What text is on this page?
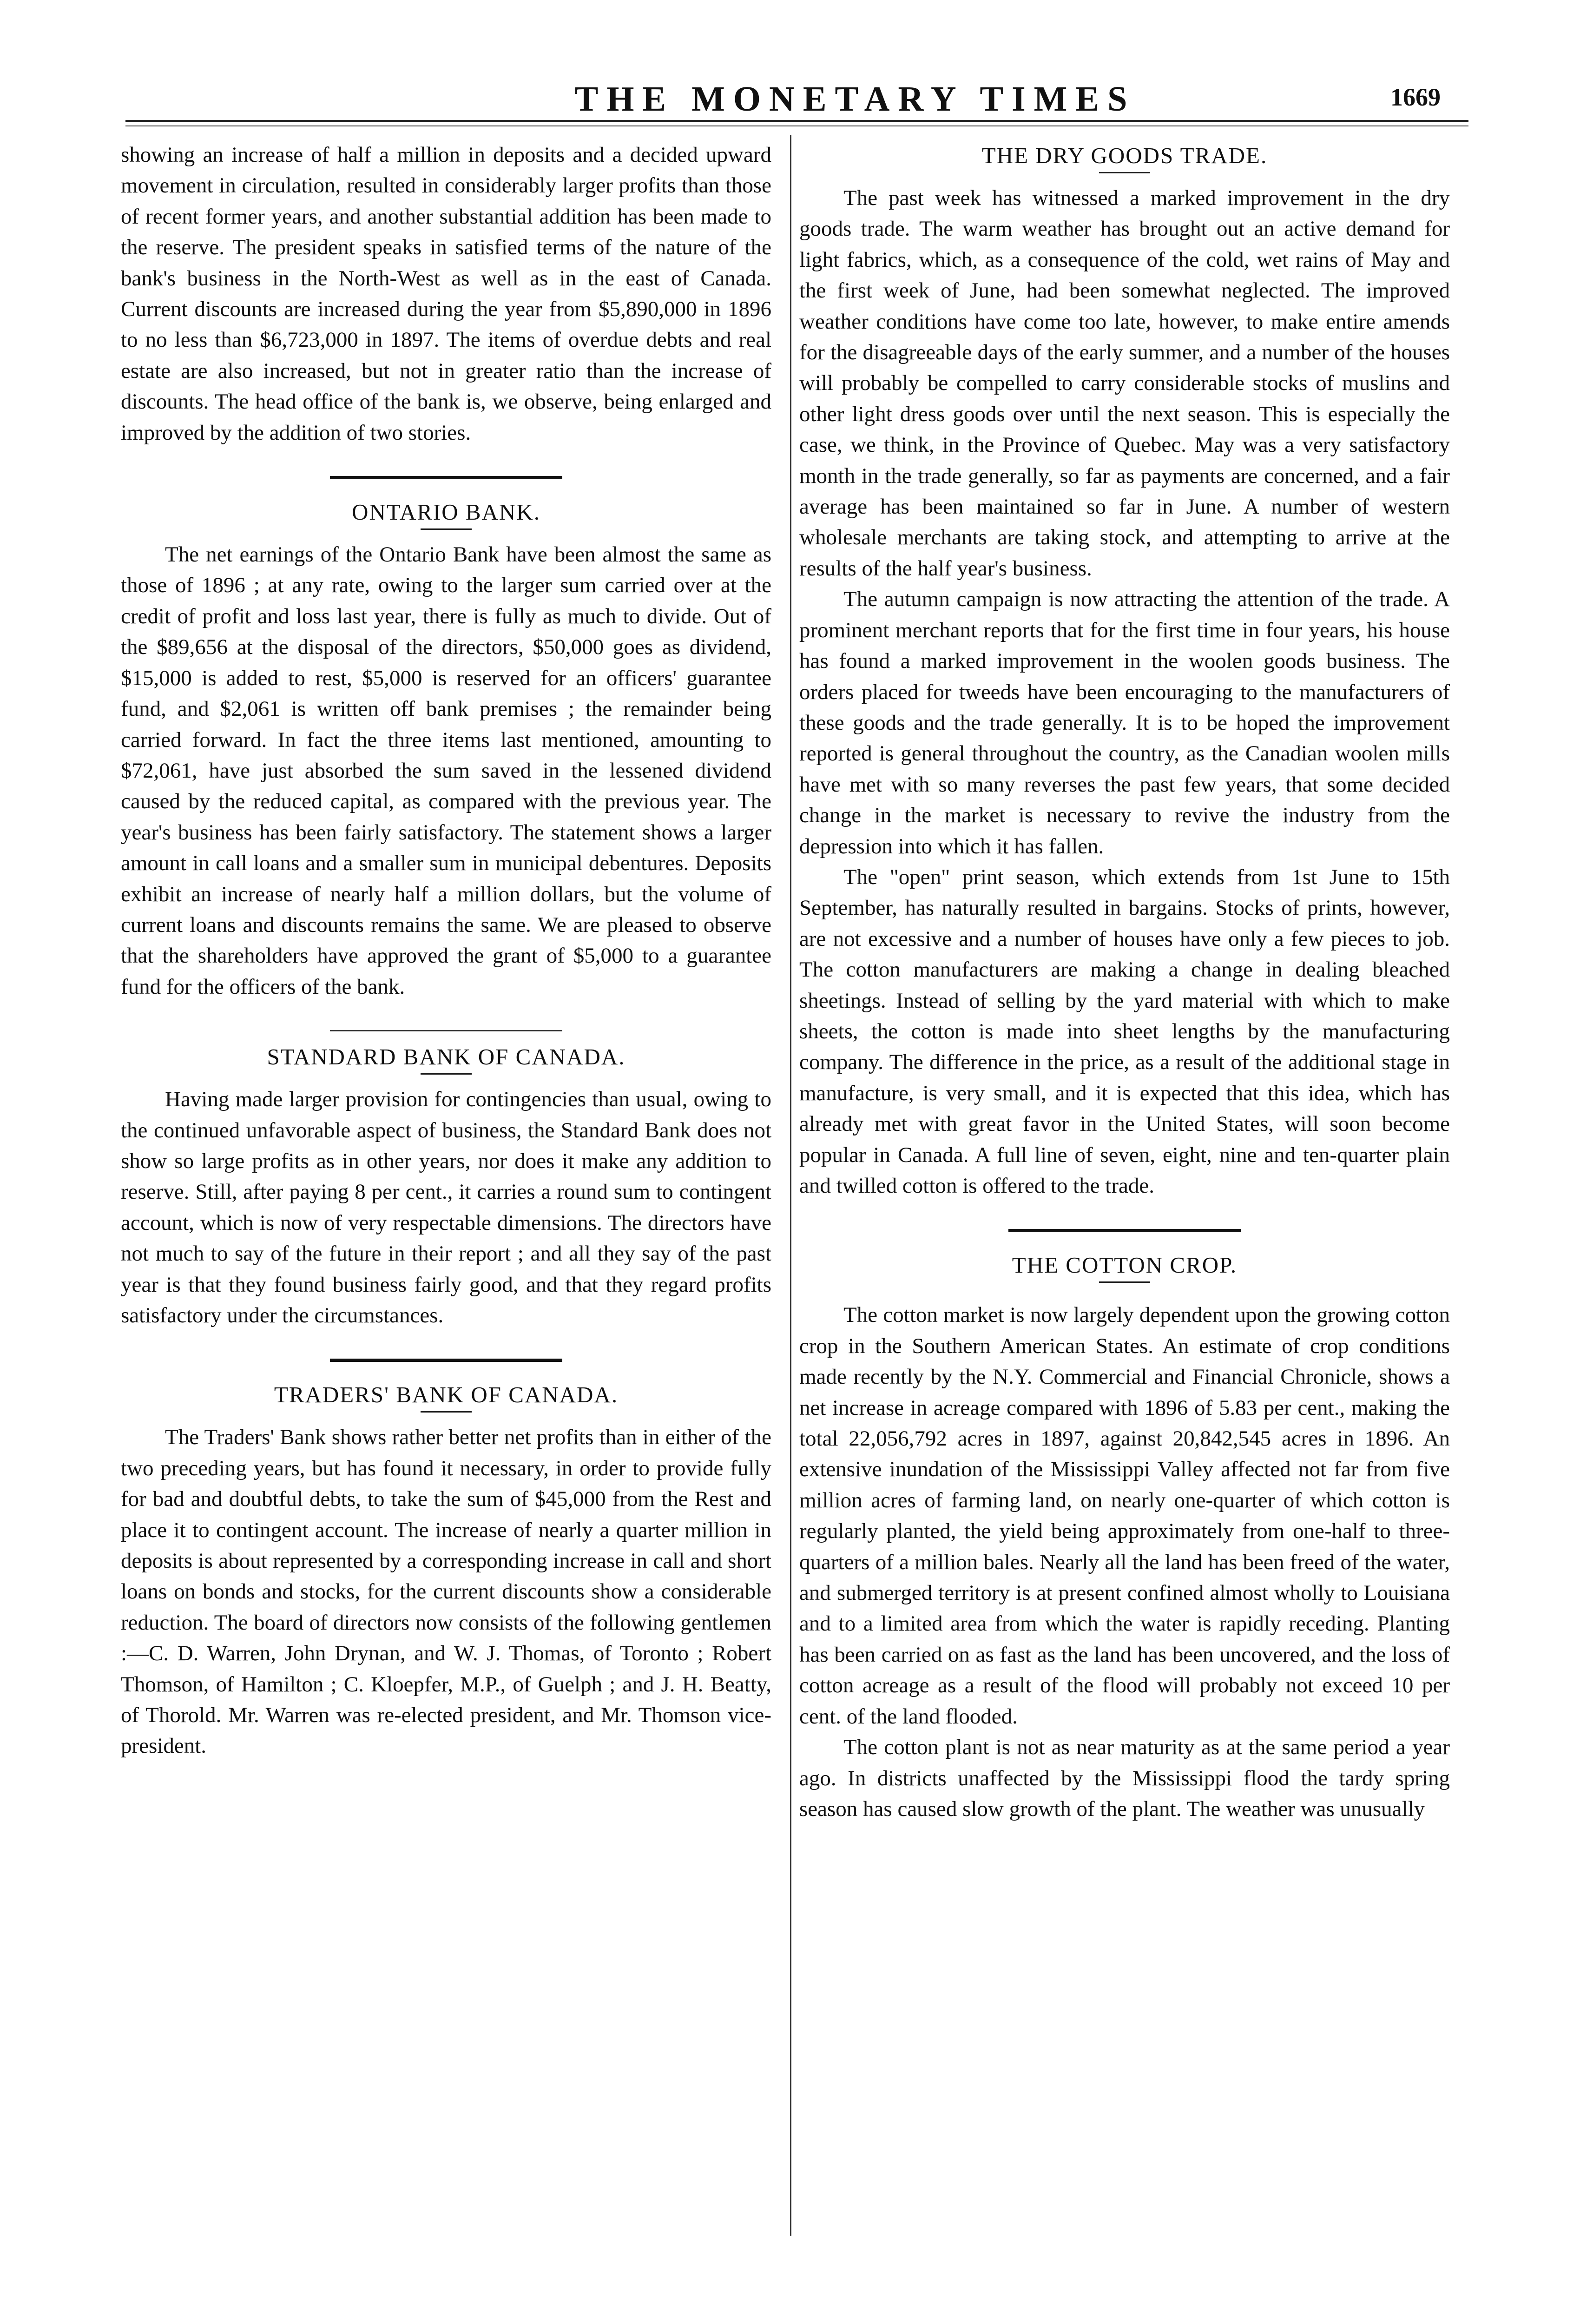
THE MONETARY TIMES	1669

showing an increase of half a million in deposits and a decided upward movement in circulation, resulted in considerably larger profits than those of recent former years, and another substantial addition has been made to the reserve. The president speaks in satisfied terms of the nature of the bank's business in the North-West as well as in the east of Canada. Current discounts are increased during the year from $5,890,000 in 1896 to no less than $6,723,000 in 1897. The items of overdue debts and real estate are also increased, but not in greater ratio than the increase of discounts. The head office of the bank is, we observe, being enlarged and improved by the addition of two stories.

ONTARIO BANK.

The net earnings of the Ontario Bank have been almost the same as those of 1896 ; at any rate, owing to the larger sum carried over at the credit of profit and loss last year, there is fully as much to divide. Out of the $89,656 at the disposal of the directors, $50,000 goes as dividend, $15,000 is added to rest, $5,000 is reserved for an officers' guarantee fund, and $2,061 is written off bank premises ; the remainder being carried forward. In fact the three items last mentioned, amounting to $72,061, have just absorbed the sum saved in the lessened dividend caused by the reduced capital, as compared with the previous year. The year's business has been fairly satisfactory. The statement shows a larger amount in call loans and a smaller sum in municipal debentures. Deposits exhibit an increase of nearly half a million dollars, but the volume of current loans and discounts remains the same. We are pleased to observe that the shareholders have approved the grant of $5,000 to a guarantee fund for the officers of the bank.

STANDARD BANK OF CANADA.

Having made larger provision for contingencies than usual, owing to the continued unfavorable aspect of business, the Standard Bank does not show so large profits as in other years, nor does it make any addition to reserve. Still, after paying 8 per cent., it carries a round sum to contingent account, which is now of very respectable dimensions. The directors have not much to say of the future in their report ; and all they say of the past year is that they found business fairly good, and that they regard profits satisfactory under the circumstances.

TRADERS' BANK OF CANADA.

The Traders' Bank shows rather better net profits than in either of the two preceding years, but has found it necessary, in order to provide fully for bad and doubtful debts, to take the sum of $45,000 from the Rest and place it to contingent account. The increase of nearly a quarter million in deposits is about represented by a corresponding increase in call and short loans on bonds and stocks, for the current discounts show a considerable reduction. The board of directors now consists of the following gentlemen :—C. D. Warren, John Drynan, and W. J. Thomas, of Toronto ; Robert Thomson, of Hamilton ; C. Kloepfer, M.P., of Guelph ; and J. H. Beatty, of Thorold. Mr. Warren was re-elected president, and Mr. Thomson vice-president.

THE DRY GOODS TRADE.

The past week has witnessed a marked improvement in the dry goods trade. The warm weather has brought out an active demand for light fabrics, which, as a consequence of the cold, wet rains of May and the first week of June, had been somewhat neglected. The improved weather conditions have come too late, however, to make entire amends for the disagreeable days of the early summer, and a number of the houses will probably be compelled to carry considerable stocks of muslins and other light dress goods over until the next season. This is especially the case, we think, in the Province of Quebec. May was a very satisfactory month in the trade generally, so far as payments are concerned, and a fair average has been maintained so far in June. A number of western wholesale merchants are taking stock, and attempting to arrive at the results of the half year's business.

The autumn campaign is now attracting the attention of the trade. A prominent merchant reports that for the first time in four years, his house has found a marked improvement in the woolen goods business. The orders placed for tweeds have been encouraging to the manufacturers of these goods and the trade generally. It is to be hoped the improvement reported is general throughout the country, as the Canadian woolen mills have met with so many reverses the past few years, that some decided change in the market is necessary to revive the industry from the depression into which it has fallen.

The "open" print season, which extends from 1st June to 15th September, has naturally resulted in bargains. Stocks of prints, however, are not excessive and a number of houses have only a few pieces to job. The cotton manufacturers are making a change in dealing bleached sheetings. Instead of selling by the yard material with which to make sheets, the cotton is made into sheet lengths by the manufacturing company. The difference in the price, as a result of the additional stage in manufacture, is very small, and it is expected that this idea, which has already met with great favor in the United States, will soon become popular in Canada. A full line of seven, eight, nine and ten-quarter plain and twilled cotton is offered to the trade.

THE COTTON CROP.

The cotton market is now largely dependent upon the growing cotton crop in the Southern American States. An estimate of crop conditions made recently by the N.Y. Commercial and Financial Chronicle, shows a net increase in acreage compared with 1896 of 5.83 per cent., making the total 22,056,792 acres in 1897, against 20,842,545 acres in 1896. An extensive inundation of the Mississippi Valley affected not far from five million acres of farming land, on nearly one-quarter of which cotton is regularly planted, the yield being approximately from one-half to three-quarters of a million bales. Nearly all the land has been freed of the water, and submerged territory is at present confined almost wholly to Louisiana and to a limited area from which the water is rapidly receding. Planting has been carried on as fast as the land has been uncovered, and the loss of cotton acreage as a result of the flood will probably not exceed 10 per cent. of the land flooded.

The cotton plant is not as near maturity as at the same period a year ago. In districts unaffected by the Mississippi flood the tardy spring season has caused slow growth of the plant. The weather was unusually
